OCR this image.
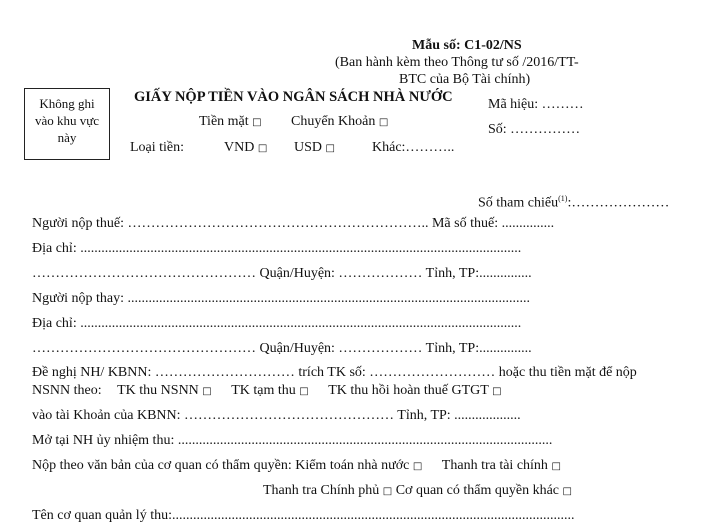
Mẫu số: C1-02/NS
(Ban hành kèm theo Thông tư số /2016/TT-
BTC của Bộ Tài chính)
Không ghi
vào khu vực
này
GIẤY NỘP TIỀN VÀO NGÂN SÁCH NHÀ NƯỚC	Mã hiệu: ………
Số: ……………
Tiền mặt □ Chuyển Khoản □
Loại tiền:	VND □ USD □	Khác:………..
Số tham chiếu$^{(1)}$:…………………
Người nộp thuế: ……………………………………………………….. Mã số thuế: ...............
Địa chỉ: ..............................................................................................................................
………………………………………… Quận/Huyện: ……………… Tỉnh, TP:...............
Người nộp thay: ...................................................................................................................
Địa chỉ: ..............................................................................................................................
………………………………………… Quận/Huyện: ……………… Tỉnh, TP:...............
Đề nghị NH/ KBNN: ………………………… trích TK số: ……………………… hoặc thu tiền mặt để nộp
NSNN theo: TK thu NSNN □ TK tạm thu □ TK thu hồi hoàn thuế GTGT □
vào tài Khoản của KBNN: ……………………………………… Tỉnh, TP: ...................
Mở tại NH ủy nhiệm thu: ...........................................................................................................
Nộp theo văn bản của cơ quan có thẩm quyền: Kiểm toán nhà nước □ Thanh tra tài chính □
Thanh tra Chính phủ □ Cơ quan có thẩm quyền khác □
Tên cơ quan quản lý thu:...................................................................................................................
